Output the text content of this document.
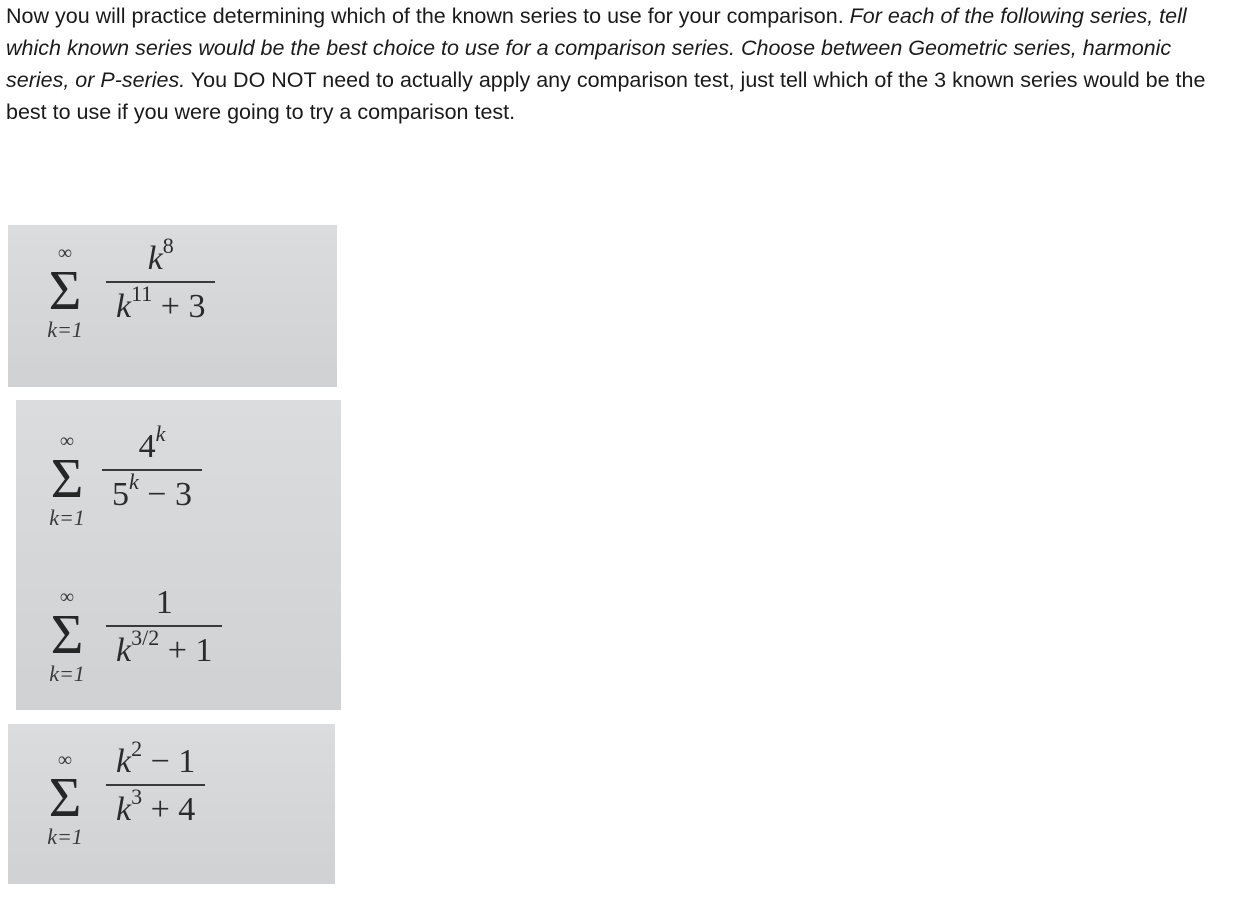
Now you will practice determining which of the known series to use for your comparison. For each of the following series, tell which known series would be the best choice to use for a comparison series. Choose between Geometric series, harmonic series, or P-series. You DO NOT need to actually apply any comparison test, just tell which of the 3 known series would be the best to use if you were going to try a comparison test.

∞
Σ
k=1
$k^8$
$k^{11} + 3$
∞
Σ
k=1
4$^k$
$5^k - 3$
∞
Σ
k=1
1
$k^{3/2} + 1$
∞
Σ
k=1
$k^2 - 1$
$k^3 + 4$
